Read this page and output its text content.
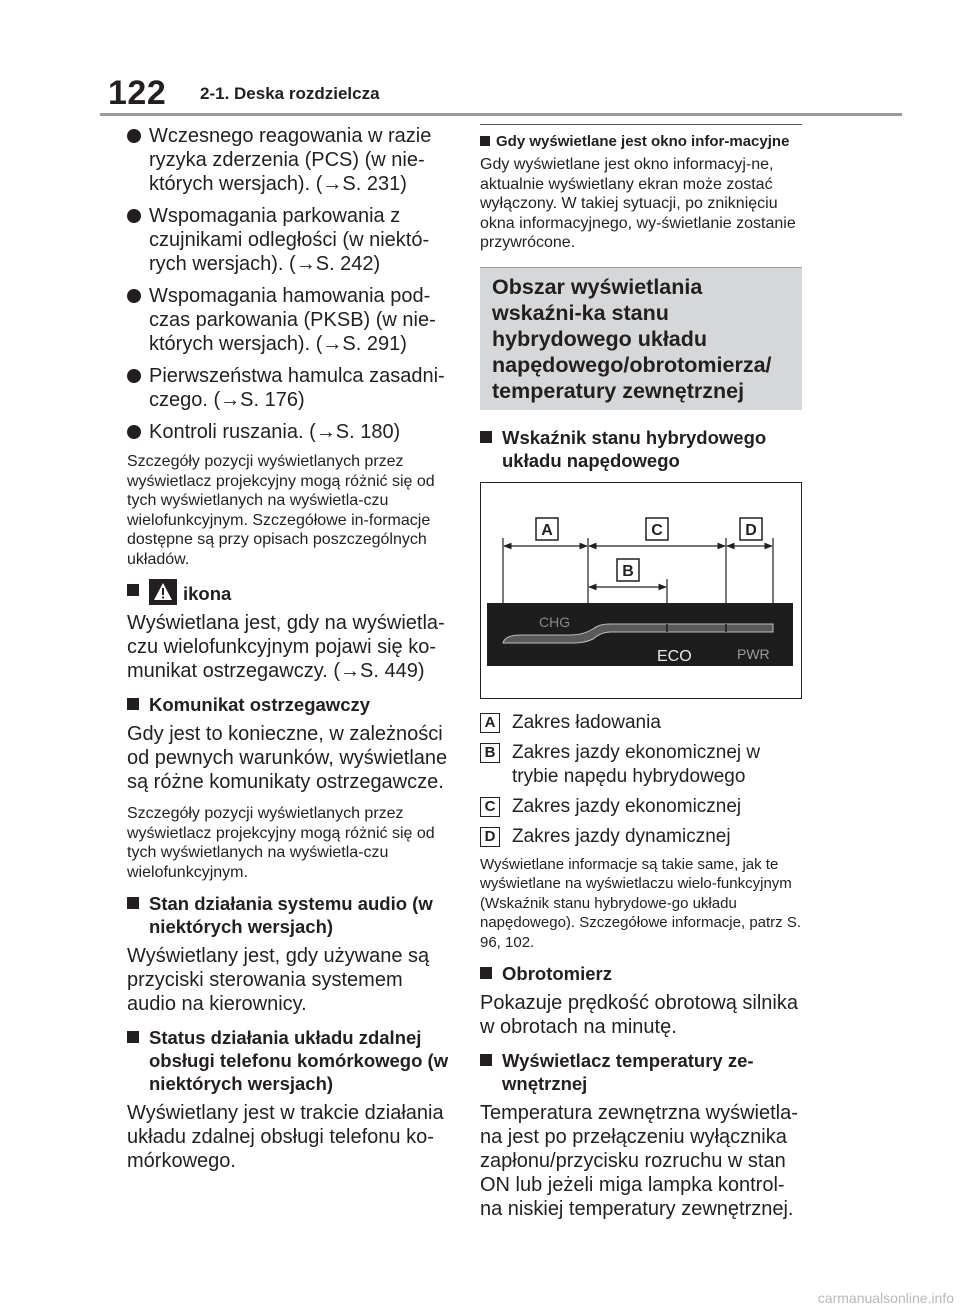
122 2-1. Deska rozdzielcza
Wczesnego reagowania w razie ryzyka zderzenia (PCS) (w nie-których wersjach). (→S. 231)
Wspomagania parkowania z czujnikami odległości (w niektó-rych wersjach). (→S. 242)
Wspomagania hamowania pod-czas parkowania (PKSB) (w nie-których wersjach). (→S. 291)
Pierwszeństwa hamulca zasadni-czego. (→S. 176)
Kontroli ruszania. (→S. 180)
Szczegóły pozycji wyświetlanych przez wyświetlacz projekcyjny mogą różnić się od tych wyświetlanych na wyświetla-czu wielofunkcyjnym. Szczegółowe in-formacje dostępne są przy opisach poszczególnych układów.
ikona
Wyświetlana jest, gdy na wyświetla-czu wielofunkcyjnym pojawi się ko-munikat ostrzegawczy. (→S. 449)
Komunikat ostrzegawczy
Gdy jest to konieczne, w zależności od pewnych warunków, wyświetlane są różne komunikaty ostrzegawcze.
Szczegóły pozycji wyświetlanych przez wyświetlacz projekcyjny mogą różnić się od tych wyświetlanych na wyświetla-czu wielofunkcyjnym.
Stan działania systemu audio (w niektórych wersjach)
Wyświetlany jest, gdy używane są przyciski sterowania systemem audio na kierownicy.
Status działania układu zdalnej obsługi telefonu komórkowego (w niektórych wersjach)
Wyświetlany jest w trakcie działania układu zdalnej obsługi telefonu ko-mórkowego.
Gdy wyświetlane jest okno infor-macyjne
Gdy wyświetlane jest okno informacyj-ne, aktualnie wyświetlany ekran może zostać wyłączony. W takiej sytuacji, po zniknięciu okna informacyjnego, wy-świetlanie zostanie przywrócone.
Obszar wyświetlania wskaźni-ka stanu hybrydowego układu napędowego/obrotomierza/ temperatury zewnętrznej
Wskaźnik stanu hybrydowego układu napędowego
A	C	D
B
CHG
ECO	PWR
A Zakres ładowania
B Zakres jazdy ekonomicznej w trybie napędu hybrydowego
C Zakres jazdy ekonomicznej
D Zakres jazdy dynamicznej
Wyświetlane informacje są takie same, jak te wyświetlane na wyświetlaczu wielo-funkcyjnym (Wskaźnik stanu hybrydowe-go układu napędowego). Szczegółowe informacje, patrz S. 96, 102.
Obrotomierz
Pokazuje prędkość obrotową silnika w obrotach na minutę.
Wyświetlacz temperatury ze-wnętrznej
Temperatura zewnętrzna wyświetla-na jest po przełączeniu wyłącznika zapłonu/przycisku rozruchu w stan ON lub jeżeli miga lampka kontrol-na niskiej temperatury zewnętrznej.
carmanualsonline.info
